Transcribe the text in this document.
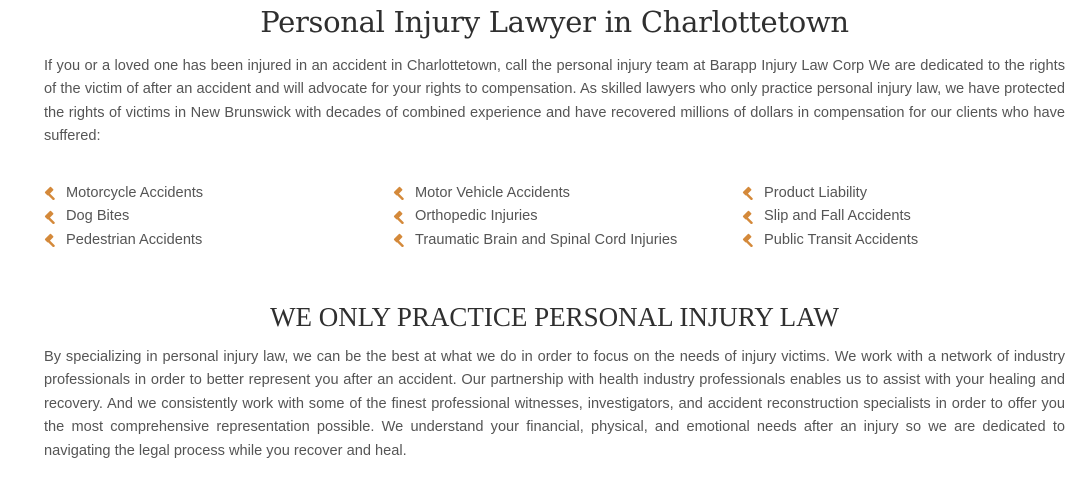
Personal Injury Lawyer in Charlottetown

If you or a loved one has been injured in an accident in Charlottetown, call the personal injury team at Barapp Injury Law Corp We are dedicated to the rights of the victim of after an accident and will advocate for your rights to compensation. As skilled lawyers who only practice personal injury law, we have protected the rights of victims in New Brunswick with decades of combined experience and have recovered millions of dollars in compensation for our clients who have suffered:

Motorcycle Accidents
Dog Bites
Pedestrian Accidents
Motor Vehicle Accidents
Orthopedic Injuries
Traumatic Brain and Spinal Cord Injuries
Product Liability
Slip and Fall Accidents
Public Transit Accidents
WE ONLY PRACTICE PERSONAL INJURY LAW

By specializing in personal injury law, we can be the best at what we do in order to focus on the needs of injury victims. We work with a network of industry professionals in order to better represent you after an accident. Our partnership with health industry professionals enables us to assist with your healing and recovery. And we consistently work with some of the finest professional witnesses, investigators, and accident reconstruction specialists in order to offer you the most comprehensive representation possible. We understand your financial, physical, and emotional needs after an injury so we are dedicated to navigating the legal process while you recover and heal.
